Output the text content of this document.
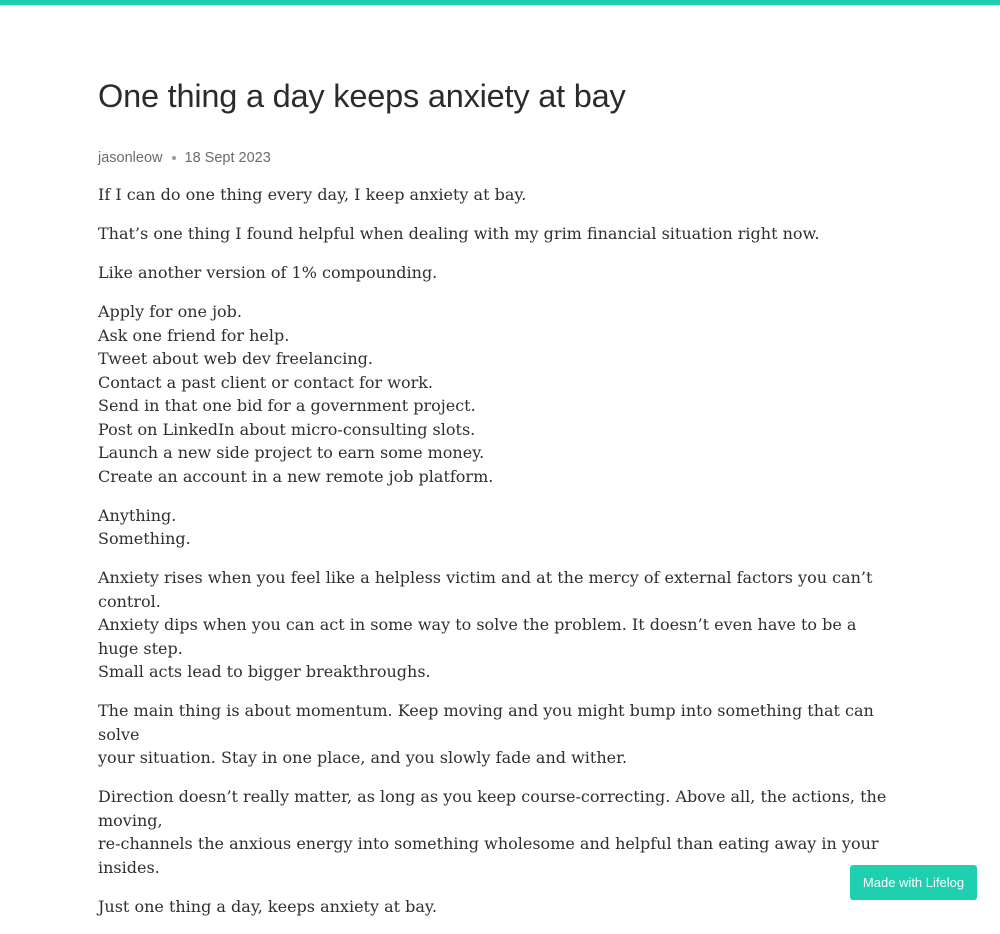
One thing a day keeps anxiety at bay
jasonleow 18 Sept 2023

If I can do one thing every day, I keep anxiety at bay.

That’s one thing I found helpful when dealing with my grim financial situation right now.

Like another version of 1% compounding.

Apply for one job.
Ask one friend for help.
Tweet about web dev freelancing.
Contact a past client or contact for work.
Send in that one bid for a government project.
Post on LinkedIn about micro-consulting slots.
Launch a new side project to earn some money.
Create an account in a new remote job platform.

Anything.
Something.

Anxiety rises when you feel like a helpless victim and at the mercy of external factors you can’t control.
Anxiety dips when you can act in some way to solve the problem. It doesn’t even have to be a huge step.
Small acts lead to bigger breakthroughs.

The main thing is about momentum. Keep moving and you might bump into something that can solve
your situation. Stay in one place, and you slowly fade and wither.

Direction doesn’t really matter, as long as you keep course-correcting. Above all, the actions, the moving,
re-channels the anxious energy into something wholesome and helpful than eating away in your insides.

Just one thing a day, keeps anxiety at bay.

Made with Lifelog
